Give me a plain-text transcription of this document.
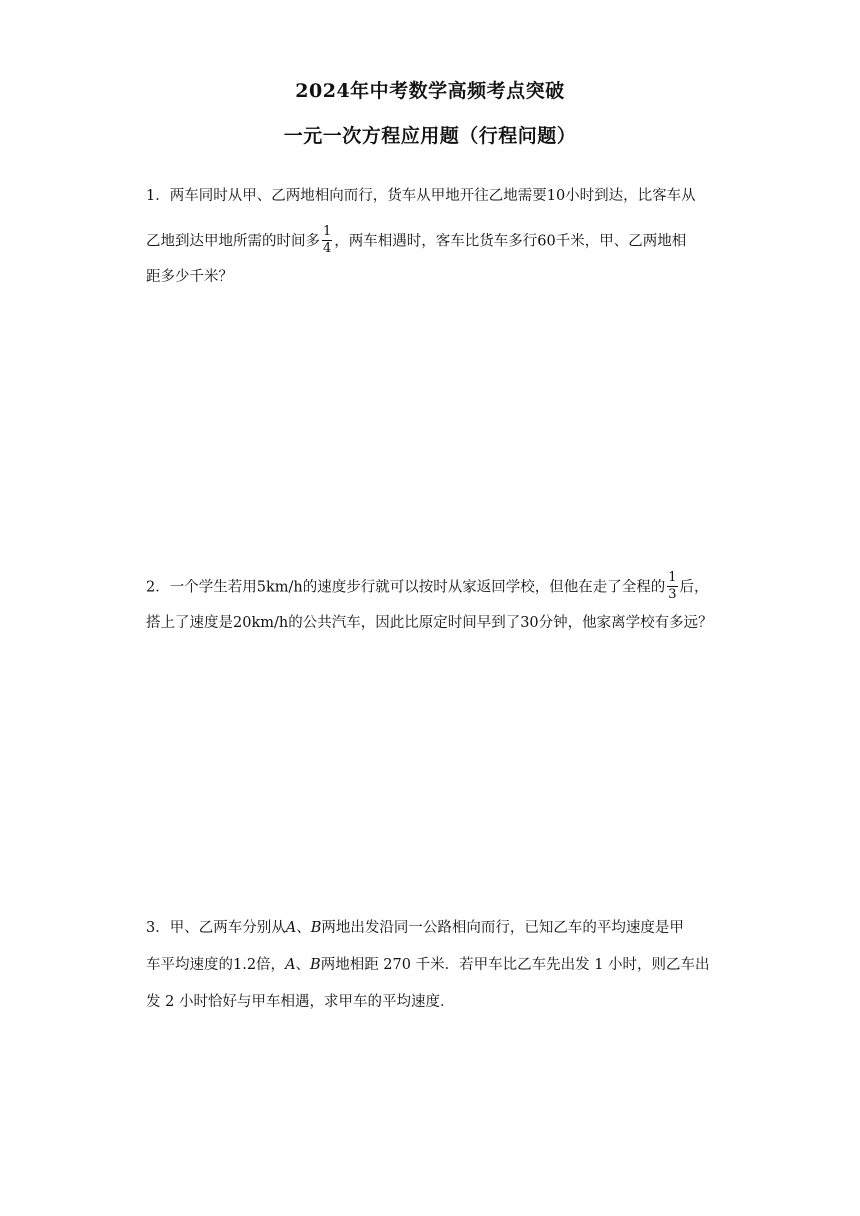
2024年中考数学高频考点突破
一元一次方程应用题（行程问题）
1．两车同时从甲、乙两地相向而行，货车从甲地开往乙地需要10小时到达，比客车从
乙地到达甲地所需的时间多 $\frac{1}{4}$ ，两车相遇时，客车比货车多行60千米，甲、乙两地相
距多少千米？
2．一个学生若用5km/h的速度步行就可以按时从家返回学校，但他在走了全程的 $\frac{1}{3}$ 后，
搭上了速度是20km/h的公共汽车，因此比原定时间早到了30分钟，他家离学校有多远？
3．甲、乙两车分别从A、B两地出发沿同一公路相向而行，已知乙车的平均速度是甲
车平均速度的1.2倍，A、B两地相距 270 千米．若甲车比乙车先出发 1 小时，则乙车出
发 2 小时恰好与甲车相遇，求甲车的平均速度．
